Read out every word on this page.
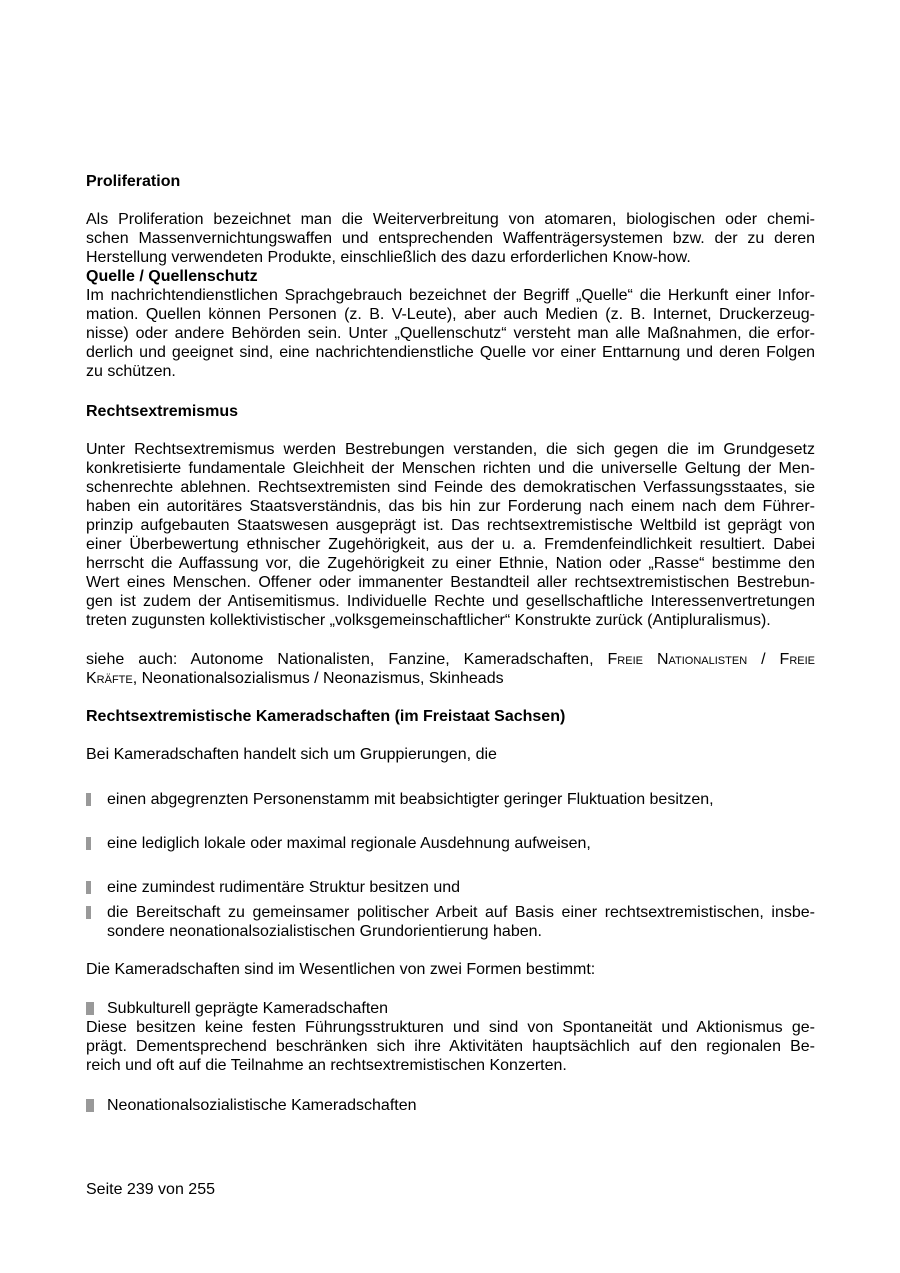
Proliferation
Als Proliferation bezeichnet man die Weiterverbreitung von atomaren, biologischen oder chemi-
schen Massenvernichtungswaffen und entsprechenden Waffenträgersystemen bzw. der zu deren
Herstellung verwendeten Produkte, einschließlich des dazu erforderlichen Know-how.
Quelle / Quellenschutz
Im nachrichtendienstlichen Sprachgebrauch bezeichnet der Begriff „Quelle“ die Herkunft einer Infor-
mation. Quellen können Personen (z. B. V-Leute), aber auch Medien (z. B. Internet, Druckerzeug-
nisse) oder andere Behörden sein. Unter „Quellenschutz“ versteht man alle Maßnahmen, die erfor-
derlich und geeignet sind, eine nachrichtendienstliche Quelle vor einer Enttarnung und deren Folgen
zu schützen.
Rechtsextremismus
Unter Rechtsextremismus werden Bestrebungen verstanden, die sich gegen die im Grundgesetz
konkretisierte fundamentale Gleichheit der Menschen richten und die universelle Geltung der Men-
schenrechte ablehnen. Rechtsextremisten sind Feinde des demokratischen Verfassungsstaates, sie
haben ein autoritäres Staatsverständnis, das bis hin zur Forderung nach einem nach dem Führer-
prinzip aufgebauten Staatswesen ausgeprägt ist. Das rechtsextremistische Weltbild ist geprägt von
einer Überbewertung ethnischer Zugehörigkeit, aus der u. a. Fremdenfeindlichkeit resultiert. Dabei
herrscht die Auffassung vor, die Zugehörigkeit zu einer Ethnie, Nation oder „Rasse“ bestimme den
Wert eines Menschen. Offener oder immanenter Bestandteil aller rechtsextremistischen Bestrebun-
gen ist zudem der Antisemitismus. Individuelle Rechte und gesellschaftliche Interessenvertretungen
treten zugunsten kollektivistischer „volksgemeinschaftlicher“ Konstrukte zurück (Antipluralismus).
siehe auch: Autonome Nationalisten, Fanzine, Kameradschaften, Freie Nationalisten / Freie
Kräfte, Neonationalsozialismus / Neonazismus, Skinheads
Rechtsextremistische Kameradschaften (im Freistaat Sachsen)
Bei Kameradschaften handelt sich um Gruppierungen, die
einen abgegrenzten Personenstamm mit beabsichtigter geringer Fluktuation besitzen,
eine lediglich lokale oder maximal regionale Ausdehnung aufweisen,
eine zumindest rudimentäre Struktur besitzen und
die Bereitschaft zu gemeinsamer politischer Arbeit auf Basis einer rechtsextremistischen, insbe-
sondere neonationalsozialistischen Grundorientierung haben.
Die Kameradschaften sind im Wesentlichen von zwei Formen bestimmt:
Subkulturell geprägte Kameradschaften
Diese besitzen keine festen Führungsstrukturen und sind von Spontaneität und Aktionismus ge-
prägt. Dementsprechend beschränken sich ihre Aktivitäten hauptsächlich auf den regionalen Be-
reich und oft auf die Teilnahme an rechtsextremistischen Konzerten.
Neonationalsozialistische Kameradschaften
Seite 239 von 255
